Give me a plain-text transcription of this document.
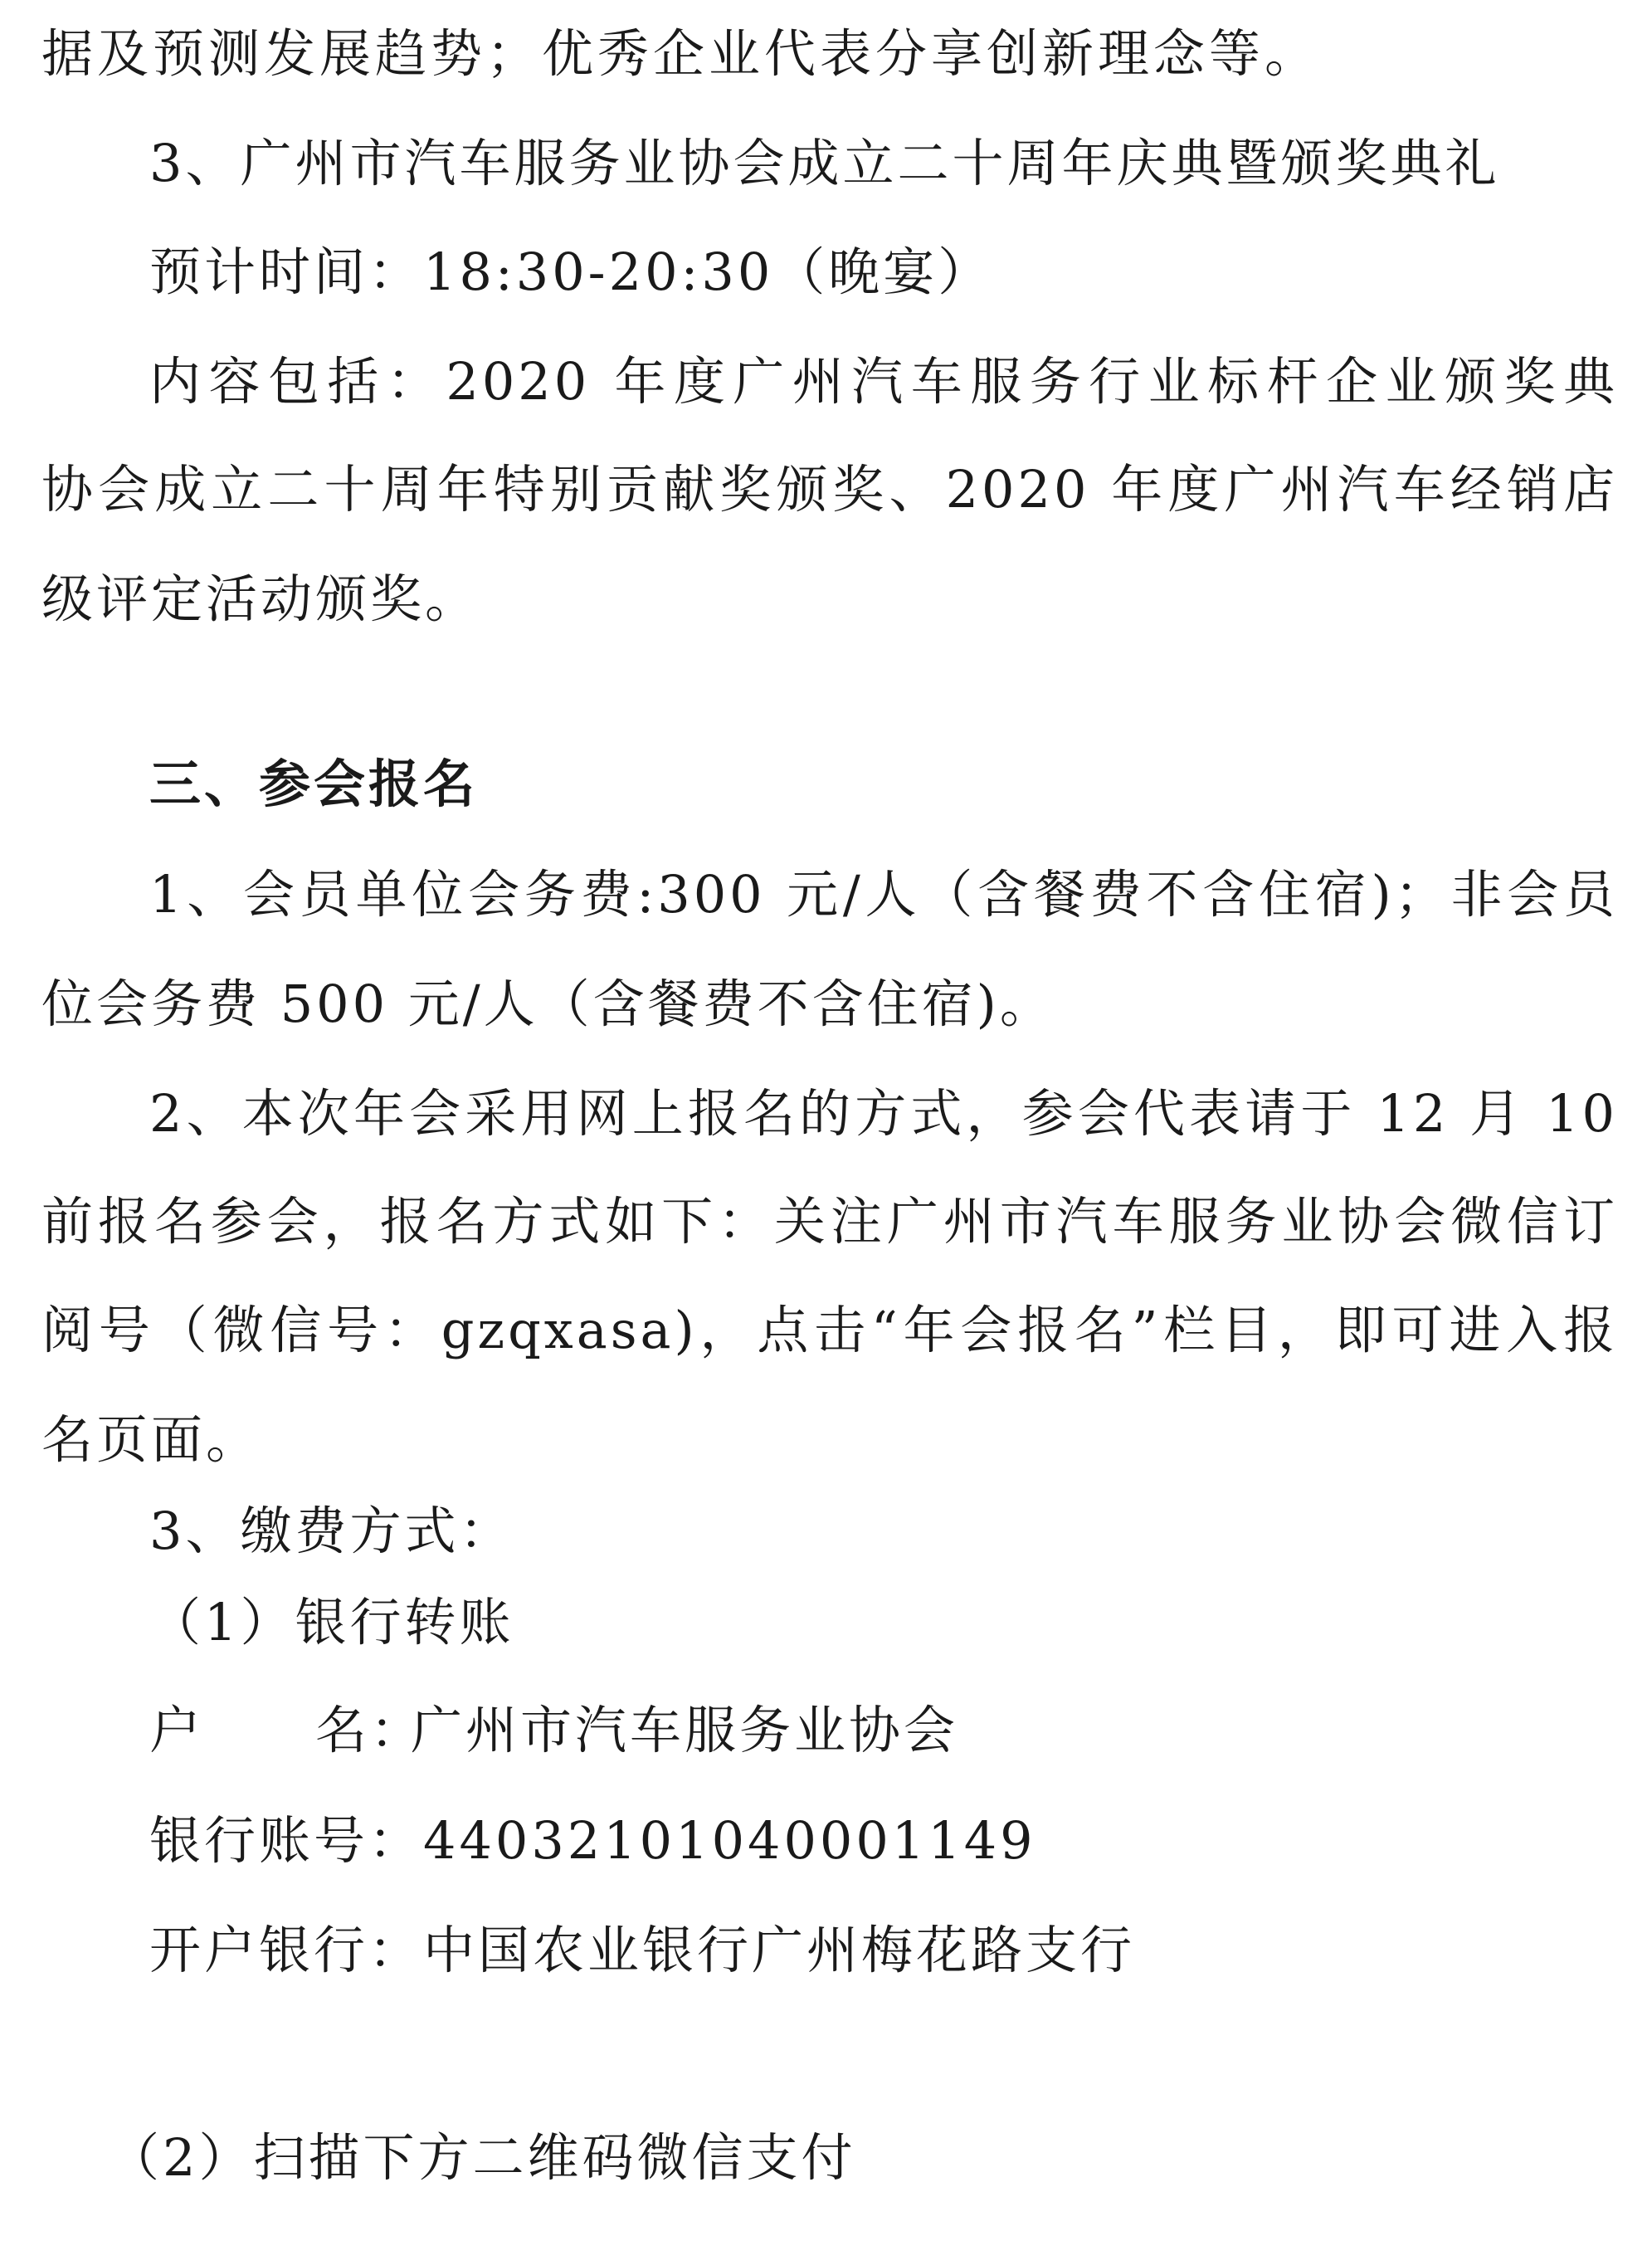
据及预测发展趋势；优秀企业代表分享创新理念等。
3、广州市汽车服务业协会成立二十周年庆典暨颁奖典礼
预计时间：18:30-20:30（晚宴）
内容包括：2020 年度广州汽车服务行业标杆企业颁奖典
协会成立二十周年特别贡献奖颁奖、2020 年度广州汽车经销店
级评定活动颁奖。
三、参会报名
1、会员单位会务费:300 元/人（含餐费不含住宿)；非会员
位会务费 500 元/人（含餐费不含住宿)。
2、本次年会采用网上报名的方式，参会代表请于 12 月 10
前报名参会，报名方式如下：关注广州市汽车服务业协会微信订
阅号（微信号：gzqxasa)，点击“年会报名”栏目，即可进入报
名页面。
3、缴费方式：
（1）银行转账
户 名：广州市汽车服务业协会
银行账号：44032101040001149
开户银行：中国农业银行广州梅花路支行
（2）扫描下方二维码微信支付
